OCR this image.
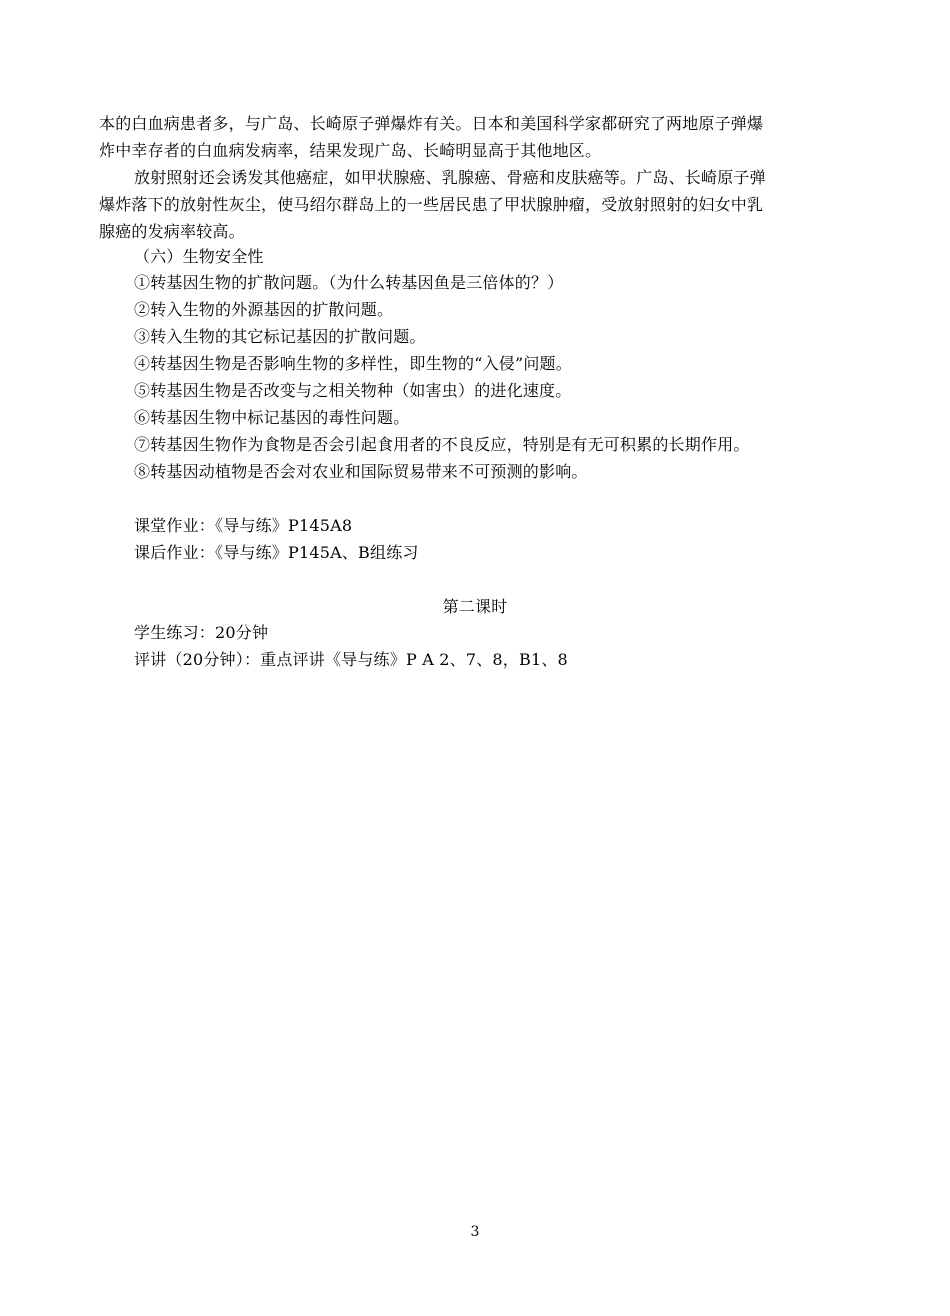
本的白血病患者多，与广岛、长崎原子弹爆炸有关。日本和美国科学家都研究了两地原子弹爆
炸中幸存者的白血病发病率，结果发现广岛、长崎明显高于其他地区。
放射照射还会诱发其他癌症，如甲状腺癌、乳腺癌、骨癌和皮肤癌等。广岛、长崎原子弹
爆炸落下的放射性灰尘，使马绍尔群岛上的一些居民患了甲状腺肿瘤，受放射照射的妇女中乳
腺癌的发病率较高。
（六）生物安全性
①转基因生物的扩散问题。（为什么转基因鱼是三倍体的？）
②转入生物的外源基因的扩散问题。
③转入生物的其它标记基因的扩散问题。
④转基因生物是否影响生物的多样性，即生物的“入侵”问题。
⑤转基因生物是否改变与之相关物种（如害虫）的进化速度。
⑥转基因生物中标记基因的毒性问题。
⑦转基因生物作为食物是否会引起食用者的不良反应，特别是有无可积累的长期作用。
⑧转基因动植物是否会对农业和国际贸易带来不可预测的影响。
课堂作业：《导与练》P145A8
课后作业：《导与练》P145A、B组练习
第二课时
学生练习：20分钟
评讲（20分钟）：重点评讲《导与练》P A 2、7、8，B1、8
3
